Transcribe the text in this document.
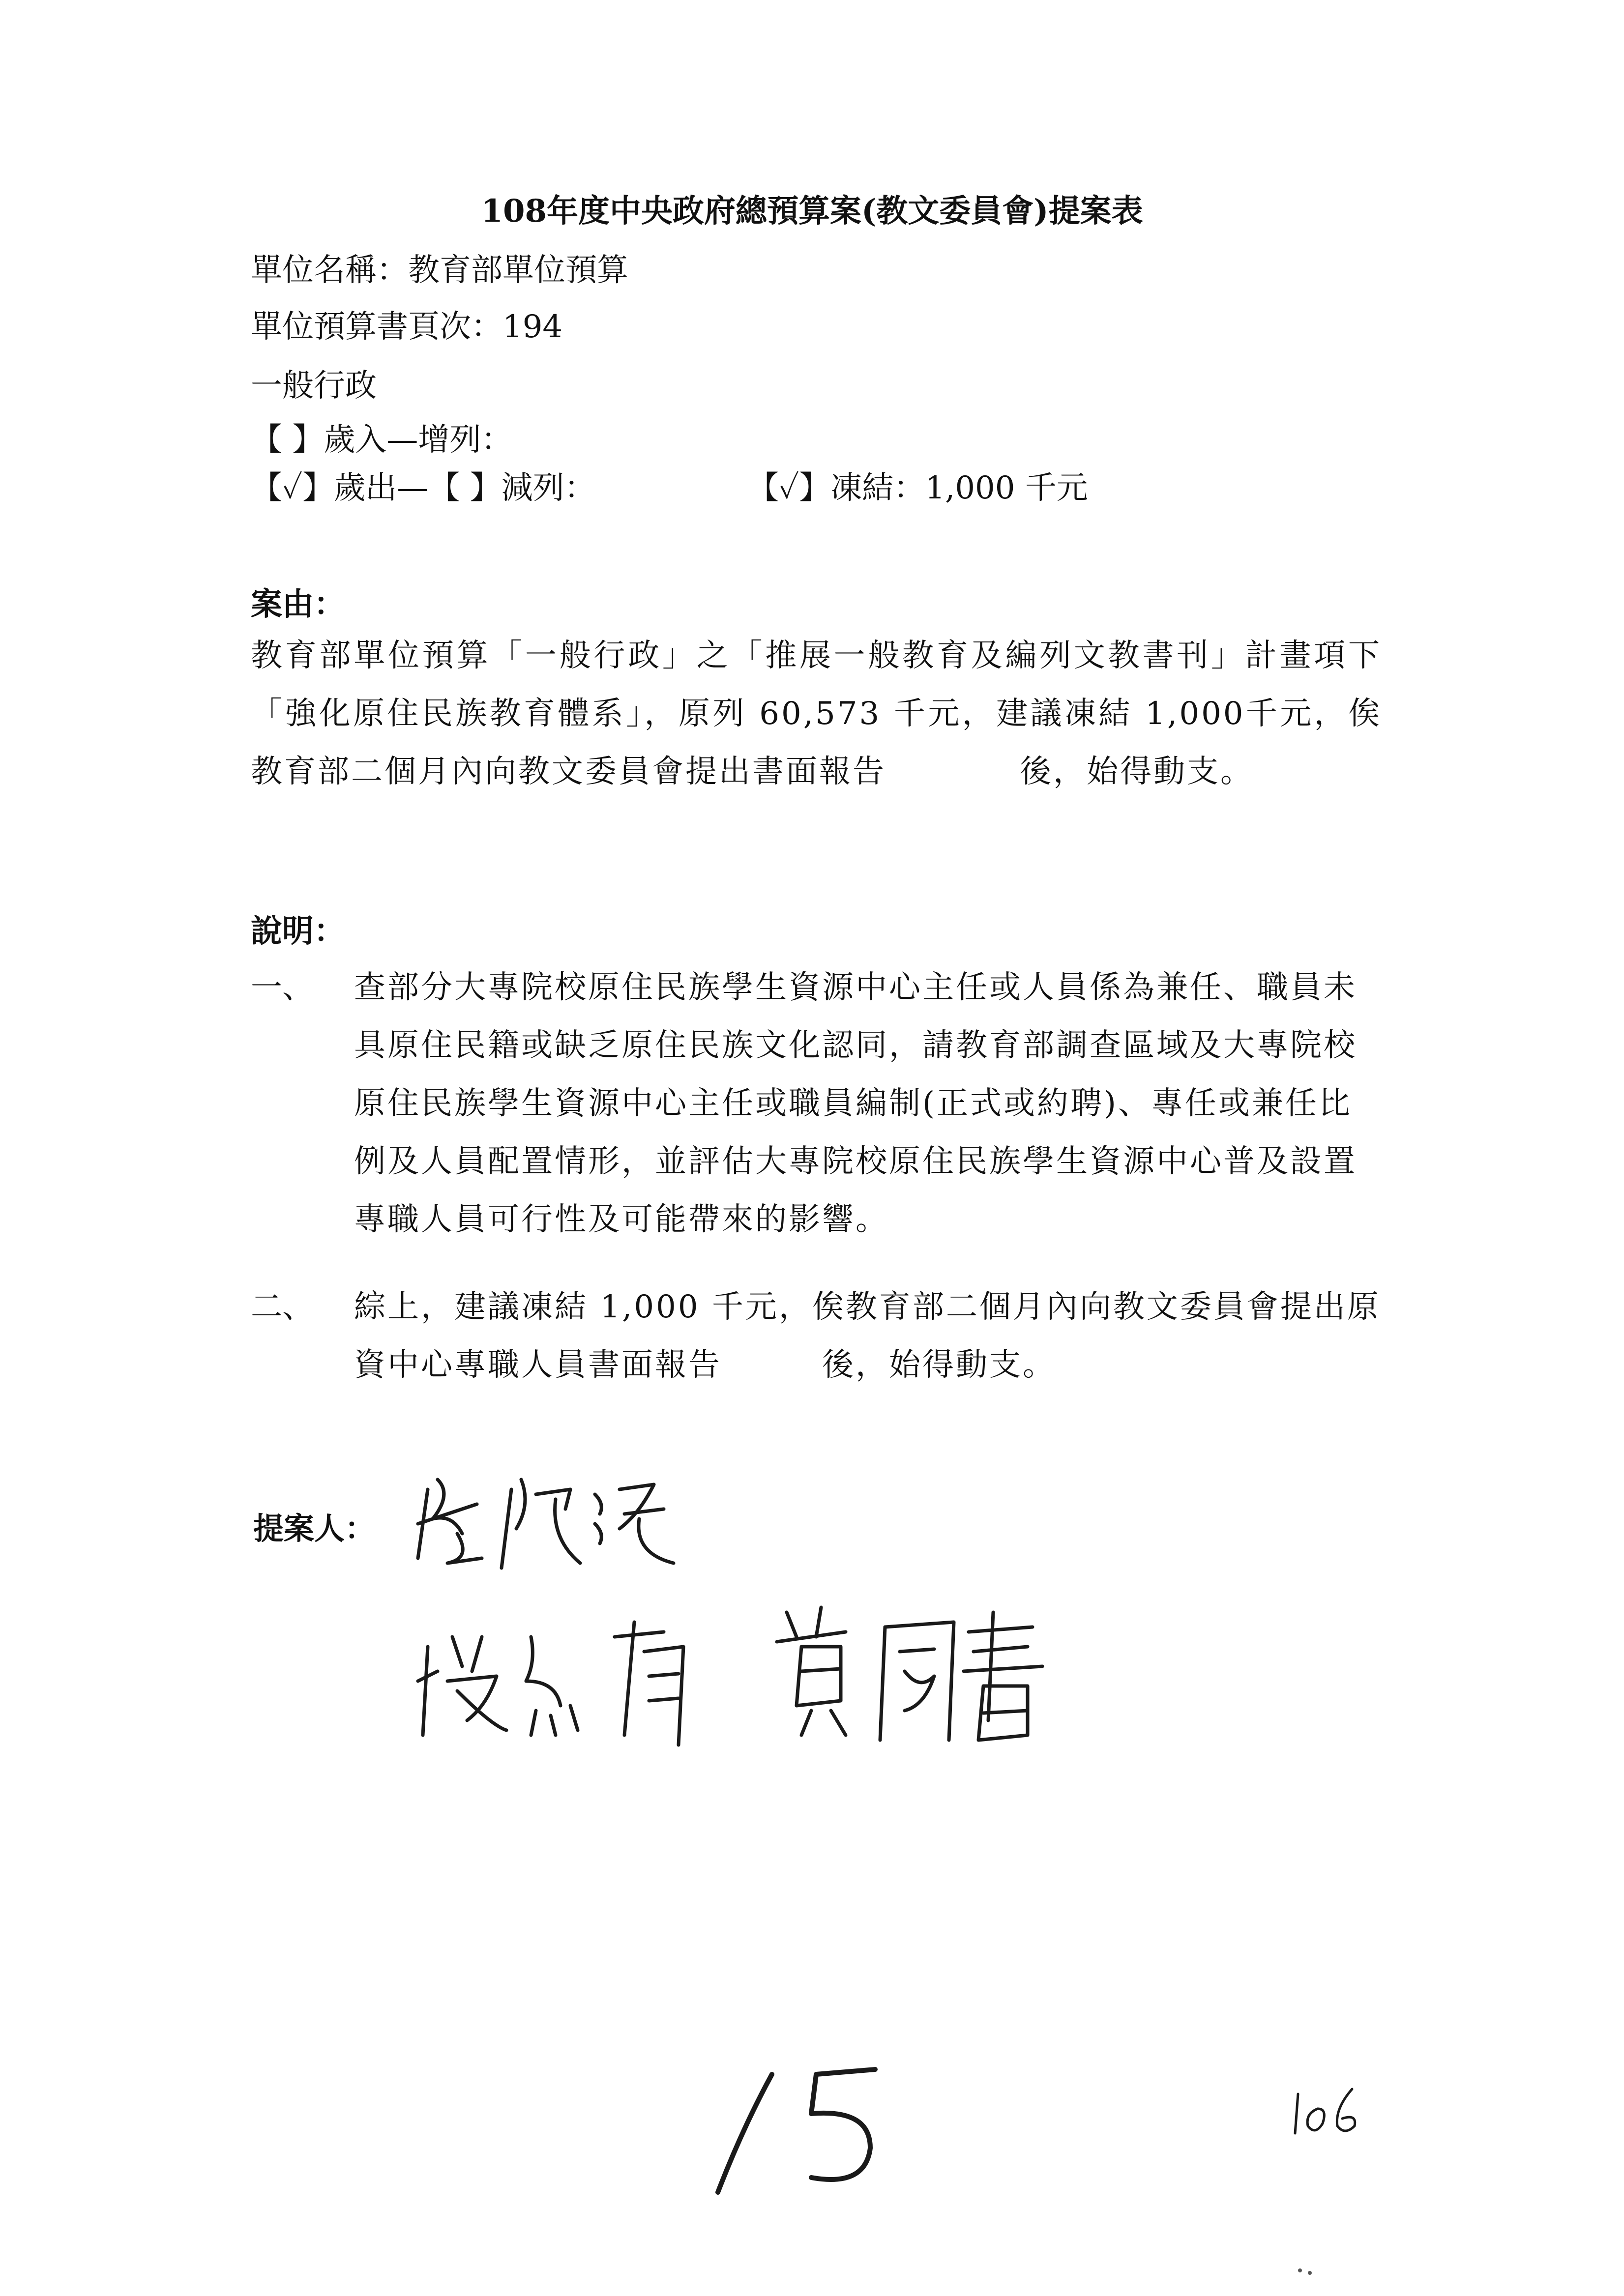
108年度中央政府總預算案(教文委員會)提案表
單位名稱：教育部單位預算
單位預算書頁次：194
一般行政
【 】歲入—增列：
【✓】歲出—【 】減列：	【✓】凍結：1,000 千元
案由：
教育部單位預算「一般行政」之「推展一般教育及編列文教書刊」計畫項下「強化原住民族教育體系」，原列 60,573 千元，建議凍結 1,000千元，俟教育部二個月內向教文委員會提出書面報告　　　　後，始得動支。
說明：
一、	查部分大專院校原住民族學生資源中心主任或人員係為兼任、職員未具原住民籍或缺乏原住民族文化認同，請教育部調查區域及大專院校原住民族學生資源中心主任或職員編制(正式或約聘)、專任或兼任比例及人員配置情形，並評估大專院校原住民族學生資源中心普及設置專職人員可行性及可能帶來的影響。
二、	綜上，建議凍結 1,000 千元，俟教育部二個月內向教文委員會提出原資中心專職人員書面報告　　　後，始得動支。
提案人：
